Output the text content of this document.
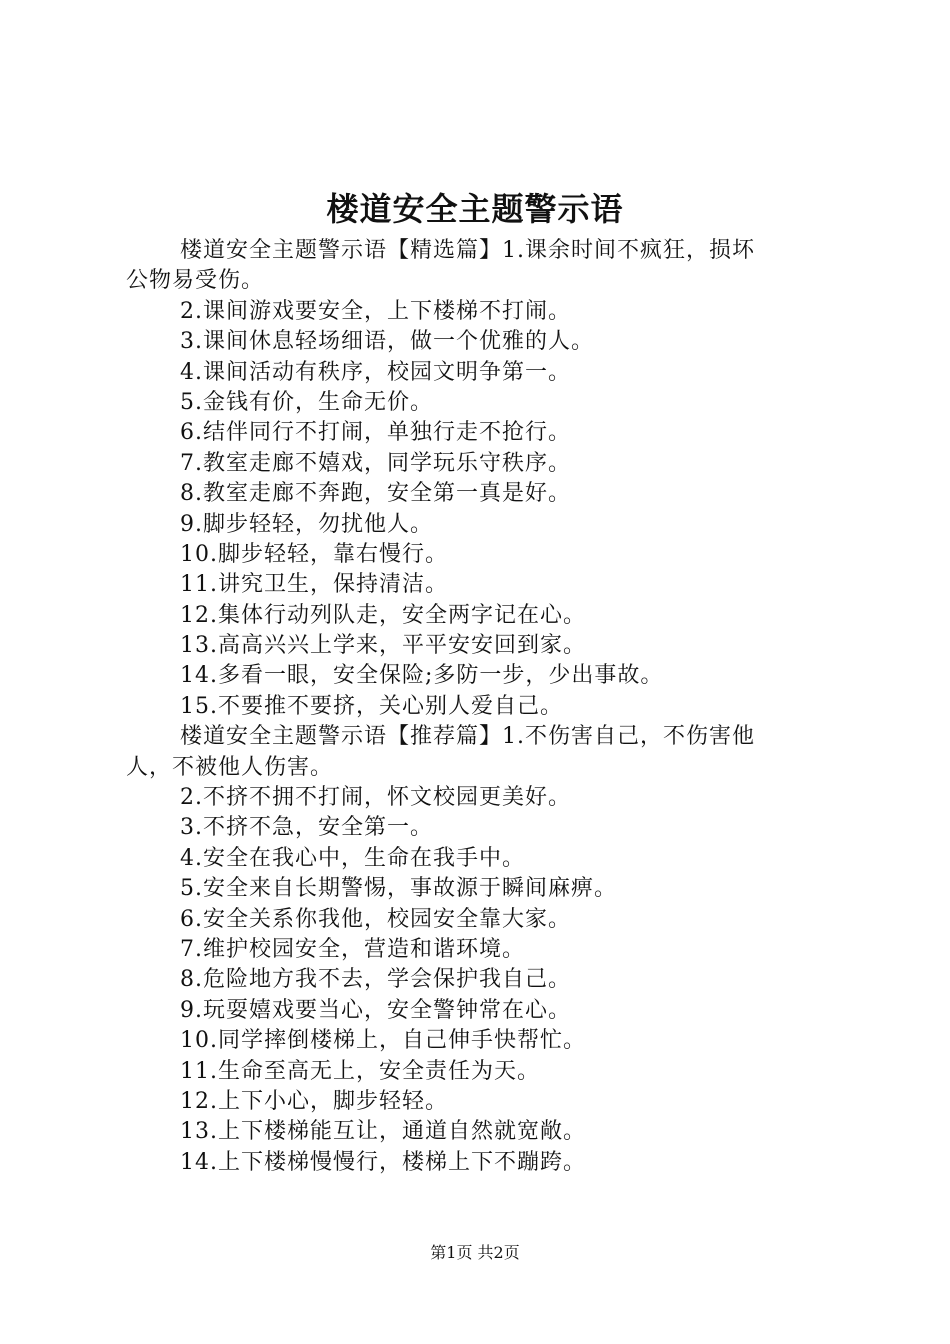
楼道安全主题警示语
楼道安全主题警示语【精选篇】1.课余时间不疯狂，损坏
公物易受伤。
2.课间游戏要安全，上下楼梯不打闹。
3.课间休息轻场细语，做一个优雅的人。
4.课间活动有秩序，校园文明争第一。
5.金钱有价，生命无价。
6.结伴同行不打闹，单独行走不抢行。
7.教室走廊不嬉戏，同学玩乐守秩序。
8.教室走廊不奔跑，安全第一真是好。
9.脚步轻轻，勿扰他人。
10.脚步轻轻，靠右慢行。
11.讲究卫生，保持清洁。
12.集体行动列队走，安全两字记在心。
13.高高兴兴上学来，平平安安回到家。
14.多看一眼，安全保险;多防一步，少出事故。
15.不要推不要挤，关心别人爱自己。
楼道安全主题警示语【推荐篇】1.不伤害自己，不伤害他
人，不被他人伤害。
2.不挤不拥不打闹，怀文校园更美好。
3.不挤不急，安全第一。
4.安全在我心中，生命在我手中。
5.安全来自长期警惕，事故源于瞬间麻痹。
6.安全关系你我他，校园安全靠大家。
7.维护校园安全，营造和谐环境。
8.危险地方我不去，学会保护我自己。
9.玩耍嬉戏要当心，安全警钟常在心。
10.同学摔倒楼梯上，自己伸手快帮忙。
11.生命至高无上，安全责任为天。
12.上下小心，脚步轻轻。
13.上下楼梯能互让，通道自然就宽敞。
14.上下楼梯慢慢行，楼梯上下不蹦跨。
第1页 共2页
